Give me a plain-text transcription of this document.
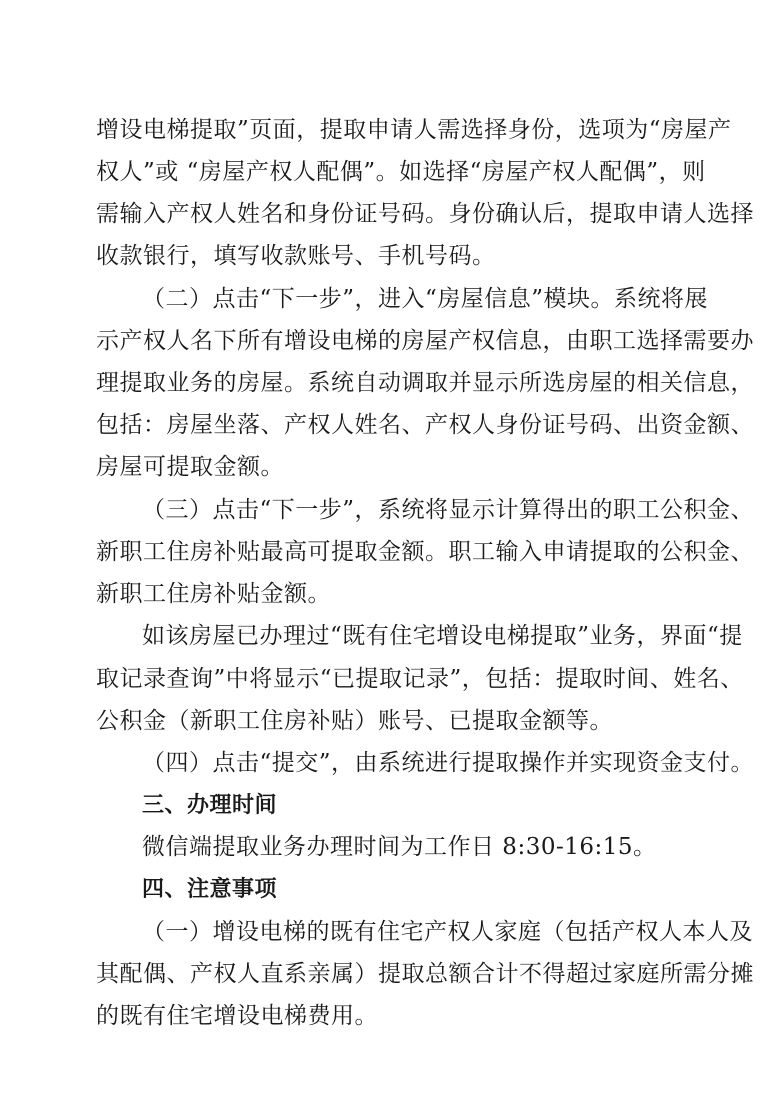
增设电梯提取”页面，提取申请人需选择身份，选项为“房屋产
权人”或 “房屋产权人配偶”。如选择“房屋产权人配偶”，则
需输入产权人姓名和身份证号码。身份确认后，提取申请人选择
收款银行，填写收款账号、手机号码。
（二）点击“下一步”，进入“房屋信息”模块。系统将展
示产权人名下所有增设电梯的房屋产权信息，由职工选择需要办
理提取业务的房屋。系统自动调取并显示所选房屋的相关信息，
包括：房屋坐落、产权人姓名、产权人身份证号码、出资金额、
房屋可提取金额。
（三）点击“下一步”，系统将显示计算得出的职工公积金、
新职工住房补贴最高可提取金额。职工输入申请提取的公积金、
新职工住房补贴金额。
如该房屋已办理过“既有住宅增设电梯提取”业务，界面“提
取记录查询”中将显示“已提取记录”，包括：提取时间、姓名、
公积金（新职工住房补贴）账号、已提取金额等。
（四）点击“提交”，由系统进行提取操作并实现资金支付。
三、办理时间
微信端提取业务办理时间为工作日 8:30-16:15。
四、注意事项
（一）增设电梯的既有住宅产权人家庭（包括产权人本人及
其配偶、产权人直系亲属）提取总额合计不得超过家庭所需分摊
的既有住宅增设电梯费用。
